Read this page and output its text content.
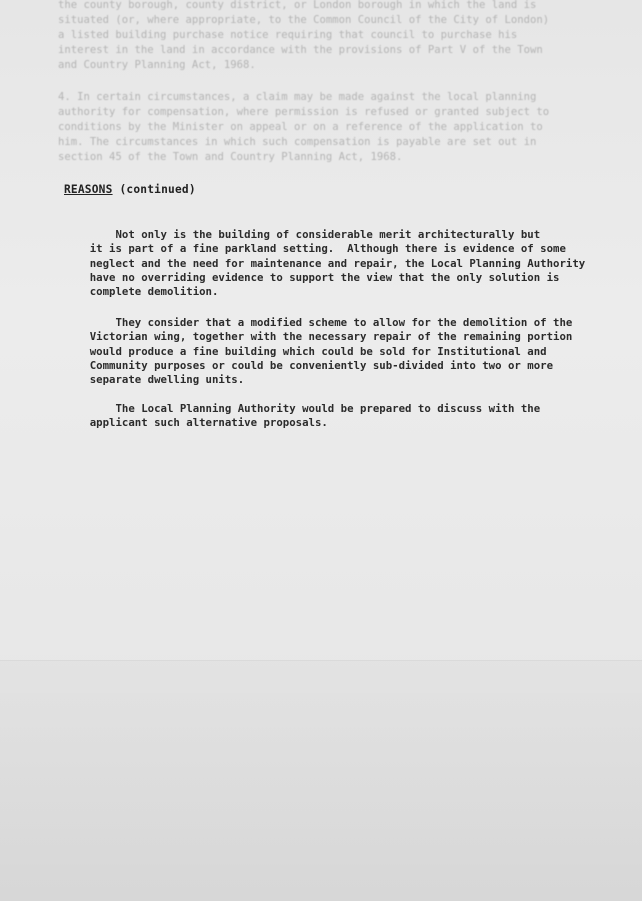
the county borough, county district, or London borough in which the land is

situated (or, where appropriate, to the Common Council of the City of London)

a listed building purchase notice requiring that council to purchase his

interest in the land in accordance with the provisions of Part V of the Town

and Country Planning Act, 1968.

4. In certain circumstances, a claim may be made against the local planning

authority for compensation, where permission is refused or granted subject to

conditions by the Minister on appeal or on a reference of the application to

him. The circumstances in which such compensation is payable are set out in

section 45 of the Town and Country Planning Act, 1968.

REASONS (continued)

Not only is the building of considerable merit architecturally but
it is part of a fine parkland setting.  Although there is evidence of some
neglect and the need for maintenance and repair, the Local Planning Authority
have no overriding evidence to support the view that the only solution is
complete demolition.

They consider that a modified scheme to allow for the demolition of the
Victorian wing, together with the necessary repair of the remaining portion
would produce a fine building which could be sold for Institutional and
Community purposes or could be conveniently sub-divided into two or more
separate dwelling units.

The Local Planning Authority would be prepared to discuss with the
applicant such alternative proposals.
